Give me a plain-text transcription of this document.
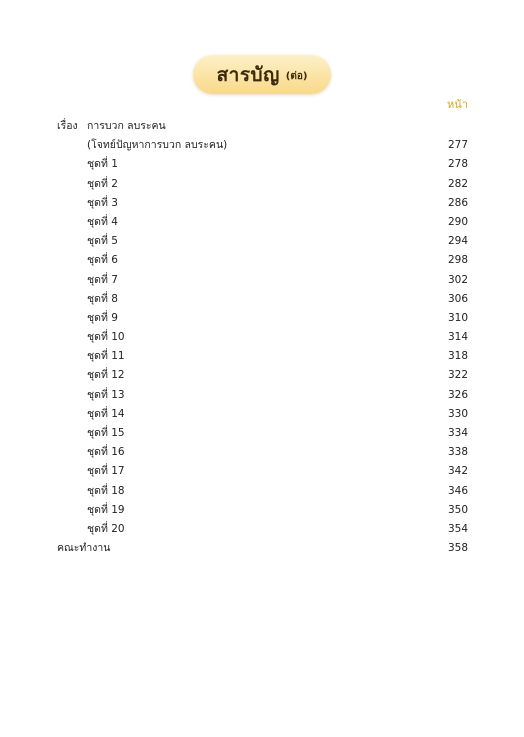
สารบัญ (ต่อ)
หน้า
เรื่อง การบวก ลบระคน
(โจทย์ปัญหาการบวก ลบระคน)	277
ชุดที่ 1	278
ชุดที่ 2	282
ชุดที่ 3	286
ชุดที่ 4	290
ชุดที่ 5	294
ชุดที่ 6	298
ชุดที่ 7	302
ชุดที่ 8	306
ชุดที่ 9	310
ชุดที่ 10	314
ชุดที่ 11	318
ชุดที่ 12	322
ชุดที่ 13	326
ชุดที่ 14	330
ชุดที่ 15	334
ชุดที่ 16	338
ชุดที่ 17	342
ชุดที่ 18	346
ชุดที่ 19	350
ชุดที่ 20	354
คณะทำงาน	358
